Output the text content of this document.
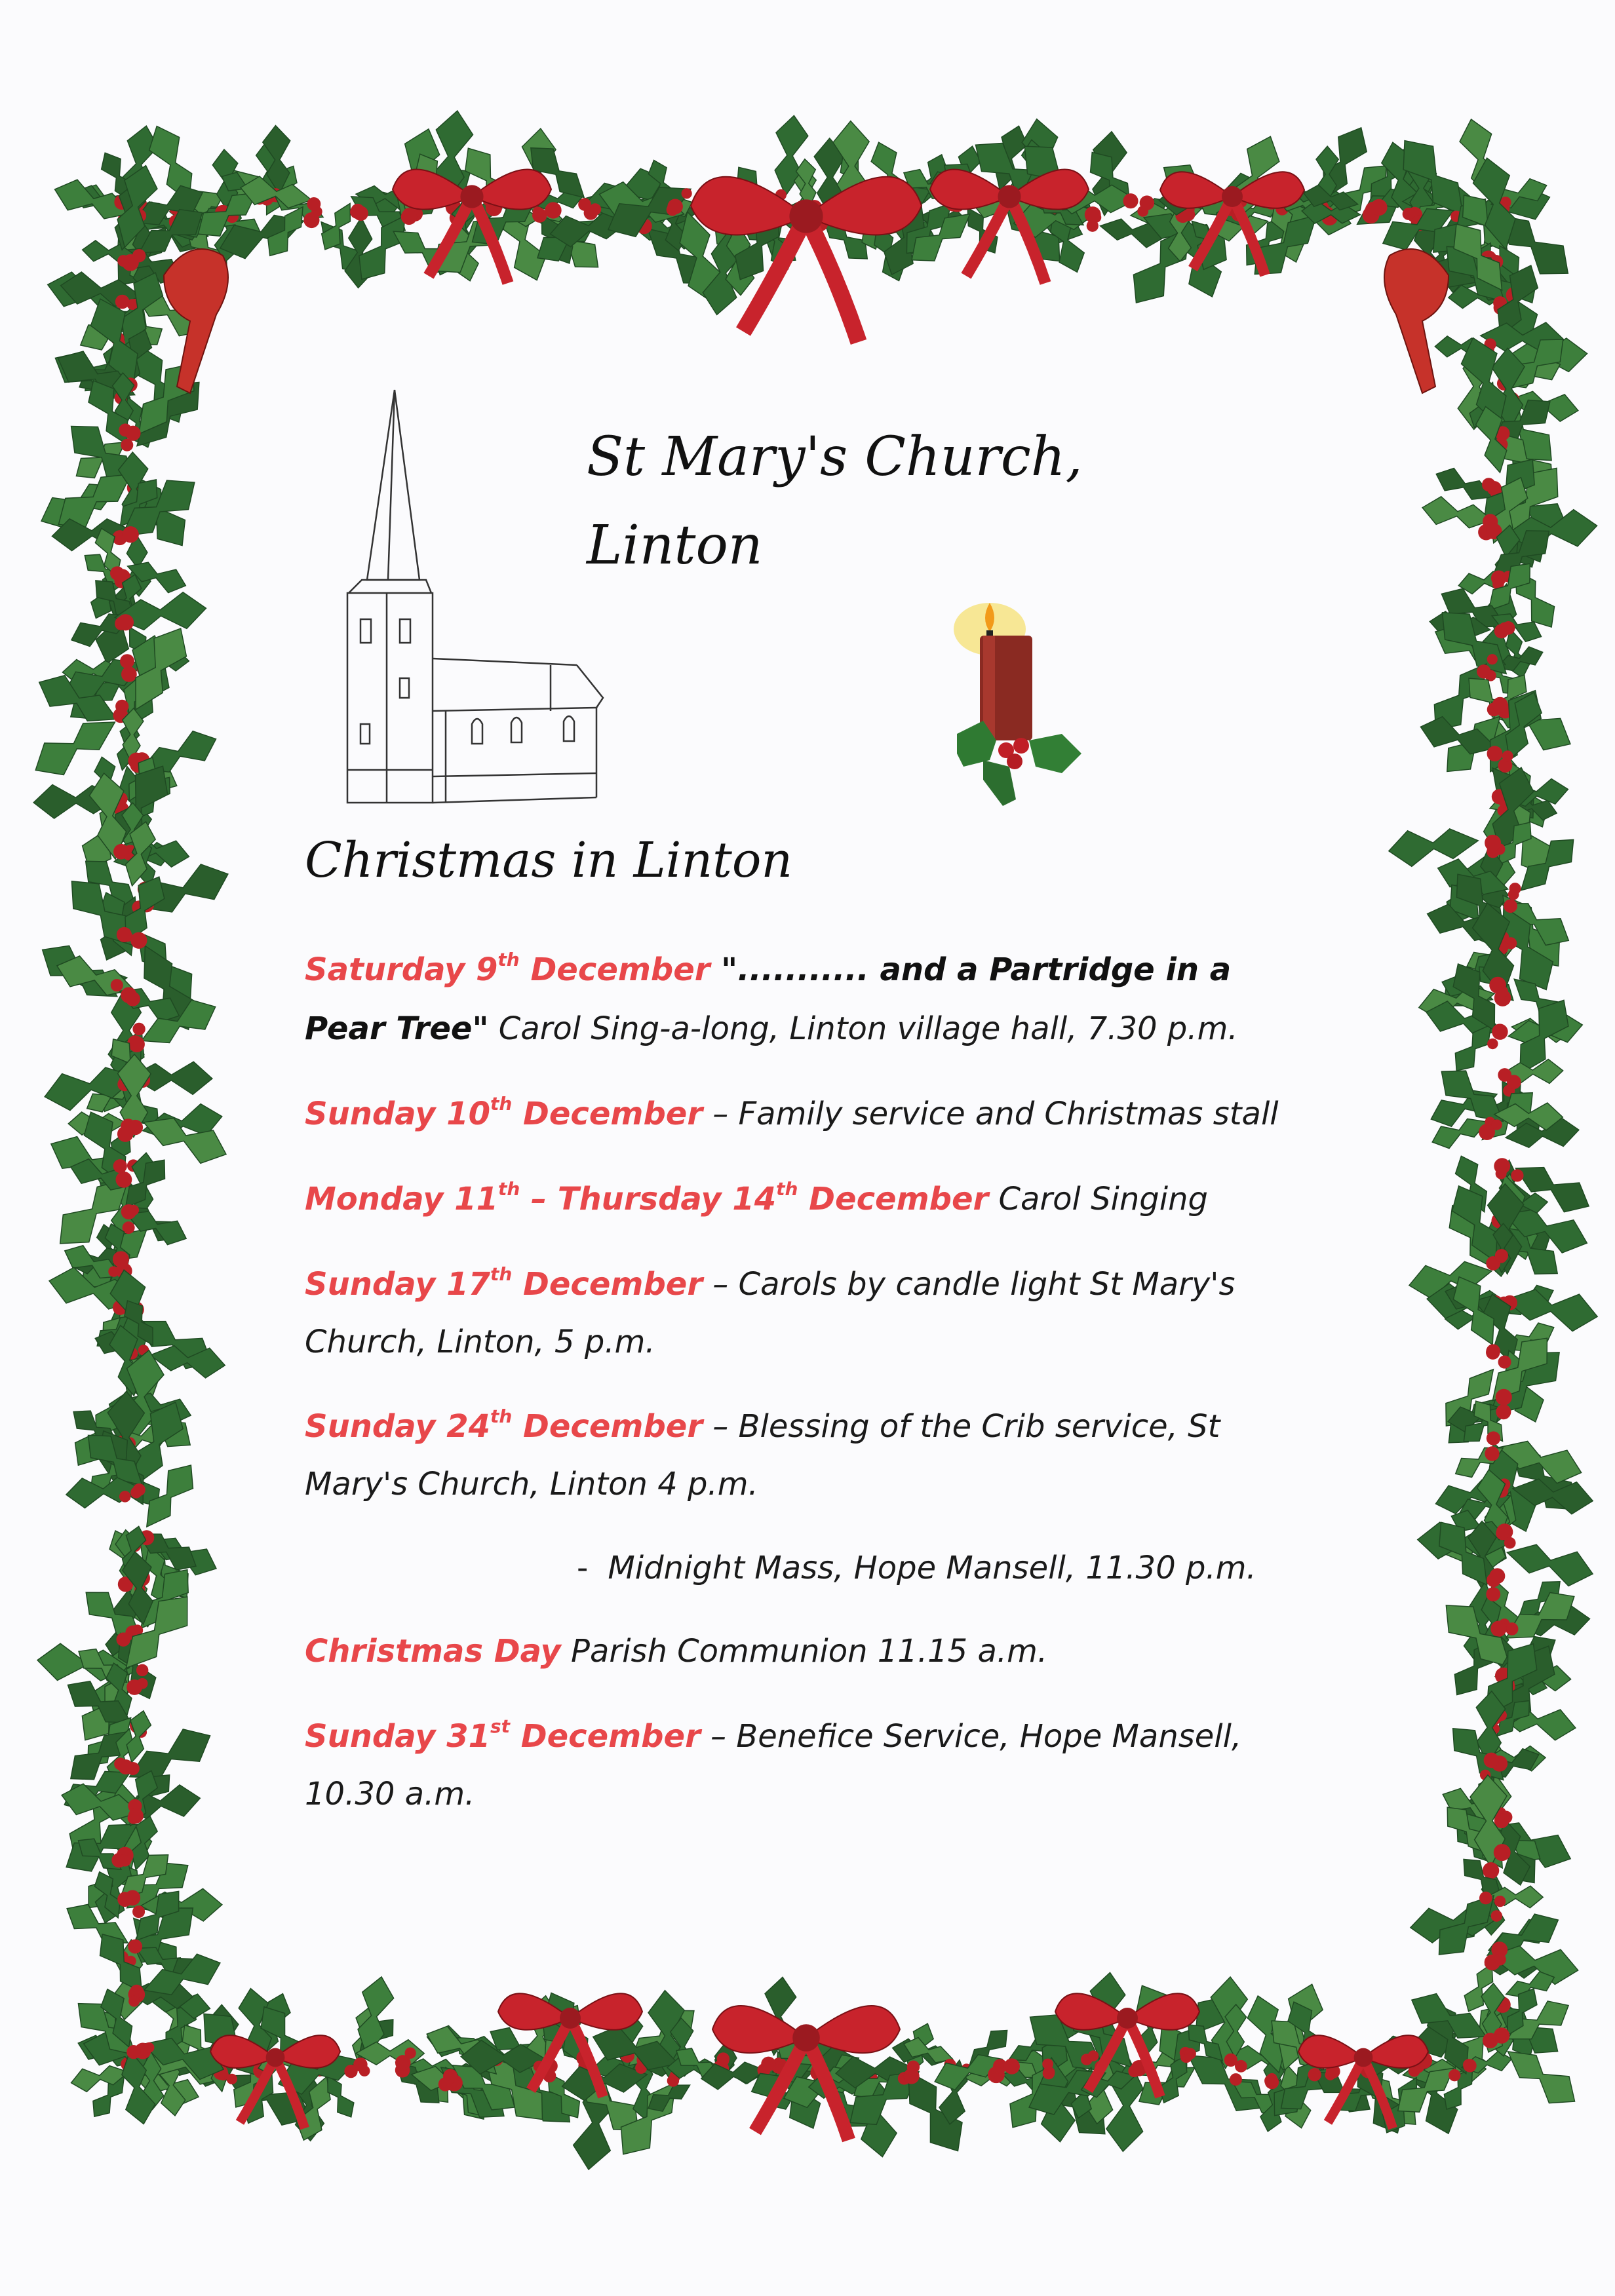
St Mary's Church,
Linton
Christmas in Linton
Saturday 9th December "........... and a Partridge in a
Pear Tree" Carol Sing-a-long, Linton village hall, 7.30 p.m.
Sunday 10th December – Family service and Christmas stall
Monday 11th – Thursday 14th December Carol Singing
Sunday 17th December – Carols by candle light St Mary's
Church, Linton, 5 p.m.
Sunday 24th December – Blessing of the Crib service, St
Mary's Church, Linton 4 p.m.
- Midnight Mass, Hope Mansell, 11.30 p.m.
Christmas Day Parish Communion 11.15 a.m.
Sunday 31st December – Benefice Service, Hope Mansell,
10.30 a.m.
